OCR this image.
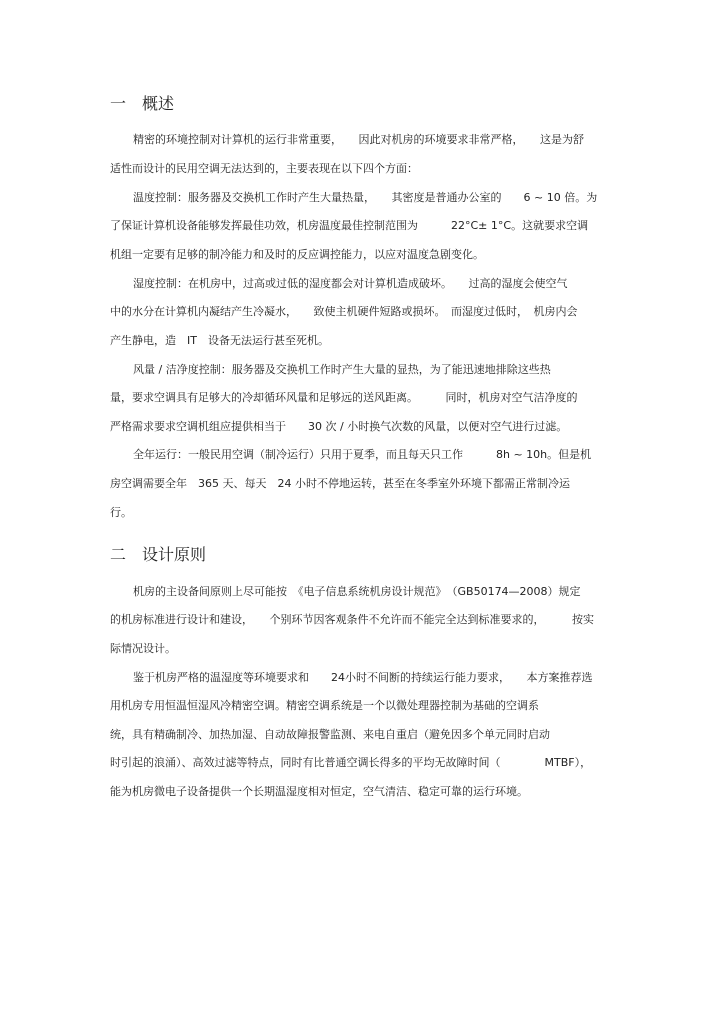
一　概述
精密的环境控制对计算机的运行非常重要，　　因此对机房的环境要求非常严格，　　这是为舒
适性而设计的民用空调无法达到的，主要表现在以下四个方面：
温度控制：服务器及交换机工作时产生大量热量，　　其密度是普通办公室的　　6 ~ 10 倍。为
了保证计算机设备能够发挥最佳功效，机房温度最佳控制范围为　　　22°C± 1°C。这就要求空调
机组一定要有足够的制冷能力和及时的反应调控能力，以应对温度急剧变化。
湿度控制：在机房中，过高或过低的湿度都会对计算机造成破坏。　　过高的湿度会使空气
中的水分在计算机内凝结产生冷凝水，　　致使主机硬件短路或损坏。　而湿度过低时，　机房内会
产生静电，造　IT　设备无法运行甚至死机。
风量 / 洁净度控制：服务器及交换机工作时产生大量的显热，为了能迅速地排除这些热
量，要求空调具有足够大的冷却循环风量和足够远的送风距离。　　　同时，机房对空气洁净度的
严格需求要求空调机组应提供相当于　　30 次 / 小时换气次数的风量，以便对空气进行过滤。
全年运行：一般民用空调（制冷运行）只用于夏季，而且每天只工作　　　8h ~ 10h。但是机
房空调需要全年　365 天、每天　24 小时不停地运转，甚至在冬季室外环境下都需正常制冷运
行。
二　设计原则
机房的主设备间原则上尽可能按　《电子信息系统机房设计规范》　（GB50174—2008）规定
的机房标准进行设计和建设，　　个别环节因客观条件不允许而不能完全达到标准要求的，　　　按实
际情况设计。
鉴于机房严格的温湿度等环境要求和　　24小时不间断的持续运行能力要求，　　本方案推荐选
用机房专用恒温恒湿风冷精密空调。精密空调系统是一个以微处理器控制为基础的空调系
统，具有精确制冷、加热加湿、自动故障报警监测、来电自重启（避免因多个单元同时启动
时引起的浪涌）、高效过滤等特点，同时有比普通空调长得多的平均无故障时间（　　　　MTBF），
能为机房微电子设备提供一个长期温湿度相对恒定，空气清洁、稳定可靠的运行环境。
